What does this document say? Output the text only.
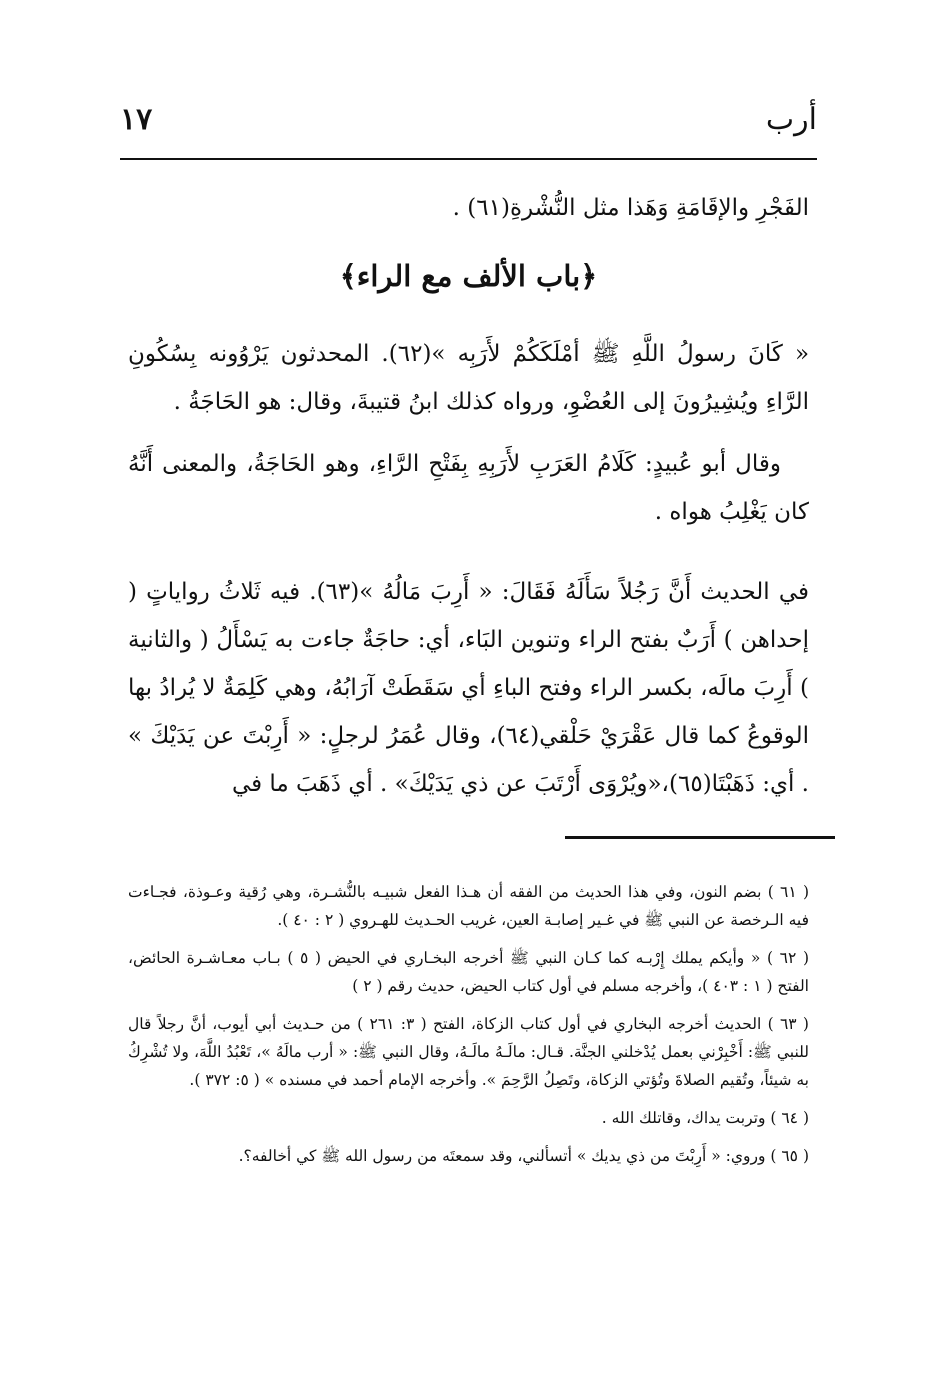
١٧	أرب

الفَجْرِ والإقَامَةِ وَهَذا مثل النُّشْرةِ(٦١) .

﴿باب الألف مع الراء﴾

« كَانَ رسولُ اللَّهِ ﷺ أمْلَكَكُمْ لأَرَبِه »(٦٢). المحدثون يَرْوُونه بِسُكُونِ الرَّاءِ ويُشِيرُونَ إلى العُضْوِ، ورواه كذلك ابنُ قتيبةَ، وقال: هو الحَاجَةُ .

وقال أبو عُبيدٍ: كَلَامُ العَرَبِ لأَرَبِهِ بِفَتْحِ الرَّاءِ، وهو الحَاجَةُ، والمعنى أَنَّهُ كان يَغْلِبُ هواه .

في الحديث أَنَّ رَجُلاً سَأَلَهُ فَقَالَ: « أَرِبَ مَالُهُ »(٦٣). فيه ثَلاثُ رواياتٍ ( إحداهن ) أَرَبٌ بفتح الراء وتنوين البَاء، أي: حاجَةٌ جاءت به يَسْأَلُ ( والثانية ) أَرِبَ مالَه، بكسر الراء وفتح الباءِ أي سَقَطَتْ آرَابُهُ، وهي كَلِمَةٌ لا يُرادُ بها الوقوعُ كما قال عَقْرَيْ حَلْقي(٦٤)، وقال عُمَرُ لرجلٍ: « أَرِبْتَ عن يَدَيْكَ » . أي: ذَهَبْتَا(٦٥)،«ويُرْوَى أَرْتَبَ عن ذي يَدَيْكَ» . أي ذَهَبَ ما في

( ٦١ ) بضم النون، وفي هذا الحديث من الفقه أن هـذا الفعل شبيـه بالنُّشـرة، وهي رُقية وعـوذة، فجـاءت فيه الـرخصة عن النبي ﷺ في غـير إصابـة العين، غريب الحـديث للهـروي ( ٢ : ٤٠ ).

( ٦٢ ) « وأيكم يملك إِرْبـه كما كـان النبي ﷺ أخرجه البخـاري في الحيض ( ٥ ) بـاب معـاشـرة الحائض، الفتح ( ١ : ٤٠٣ )، وأخرجه مسلم في أول كتاب الحيض، حديث رقم ( ٢ )

( ٦٣ ) الحديث أخرجه البخاري في أول كتاب الزكاة، الفتح ( ٣: ٢٦١ ) من حـديث أبي أيوب، أنَّ رجلاً قال للنبي ﷺ: أَخْبِرْني بعمل يُدْخلني الجنَّة. قـال: مالَـهُ مالَـهُ، وقال النبي ﷺ: « أرب مالَهُ »، تَعْبُدُ اللَّهَ، ولا تُشْرِكُ به شيئاً، وتُقيم الصلاةَ وتُؤتي الزكاة، وتَصِلُ الرَّحِمَ ». وأخرجه الإمام أحمد في مسنده » ( ٥: ٣٧٢ ).

( ٦٤ ) وتربت يداك، وقاتلك الله .

( ٦٥ ) وروي: « أَرِبْتَ من ذي يديك » أتسألني، وقد سمعتَه من رسول الله ﷺ كي أخالفه؟.
